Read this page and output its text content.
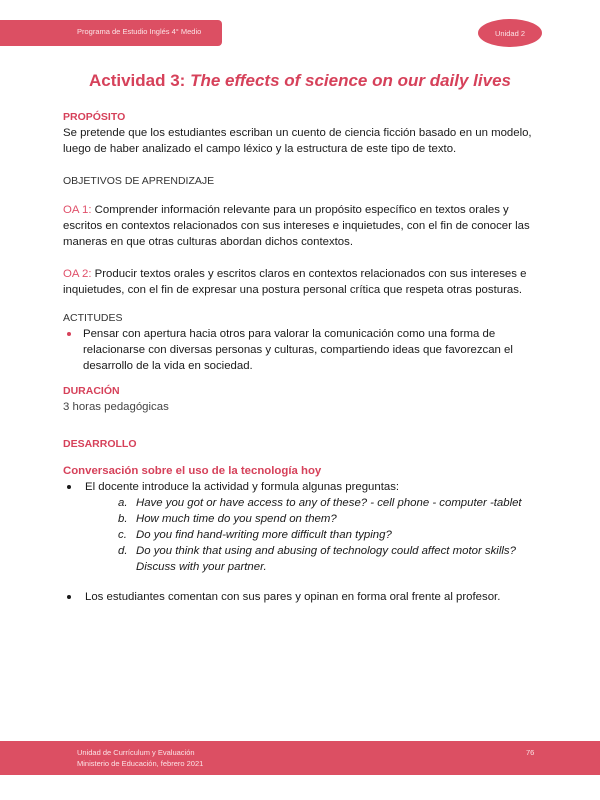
Programa de Estudio Inglés 4° Medio	Unidad 2
Actividad 3: The effects of science on our daily lives
PROPÓSITO

Se pretende que los estudiantes escriban un cuento de ciencia ficción basado en un modelo, luego de haber analizado el campo léxico y la estructura de este tipo de texto.

OBJETIVOS DE APRENDIZAJE

OA 1: Comprender información relevante para un propósito específico en textos orales y escritos en contextos relacionados con sus intereses e inquietudes, con el fin de conocer las maneras en que otras culturas abordan dichos contextos.

OA 2: Producir textos orales y escritos claros en contextos relacionados con sus intereses e inquietudes, con el fin de expresar una postura personal crítica que respeta otras posturas.

ACTITUDES
Pensar con apertura hacia otros para valorar la comunicación como una forma de relacionarse con diversas personas y culturas, compartiendo ideas que favorezcan el desarrollo de la vida en sociedad.
DURACIÓN

3 horas pedagógicas

DESARROLLO
Conversación sobre el uso de la tecnología hoy
El docente introduce la actividad y formula algunas preguntas:
a. Have you got or have access to any of these? - cell phone - computer -tablet
b. How much time do you spend on them?
c. Do you find hand-writing more difficult than typing?
d. Do you think that using and abusing of technology could affect motor skills? Discuss with your partner.
Los estudiantes comentan con sus pares y opinan en forma oral frente al profesor.
Unidad de Currículum y Evaluación
Ministerio de Educación, febrero 2021
76
